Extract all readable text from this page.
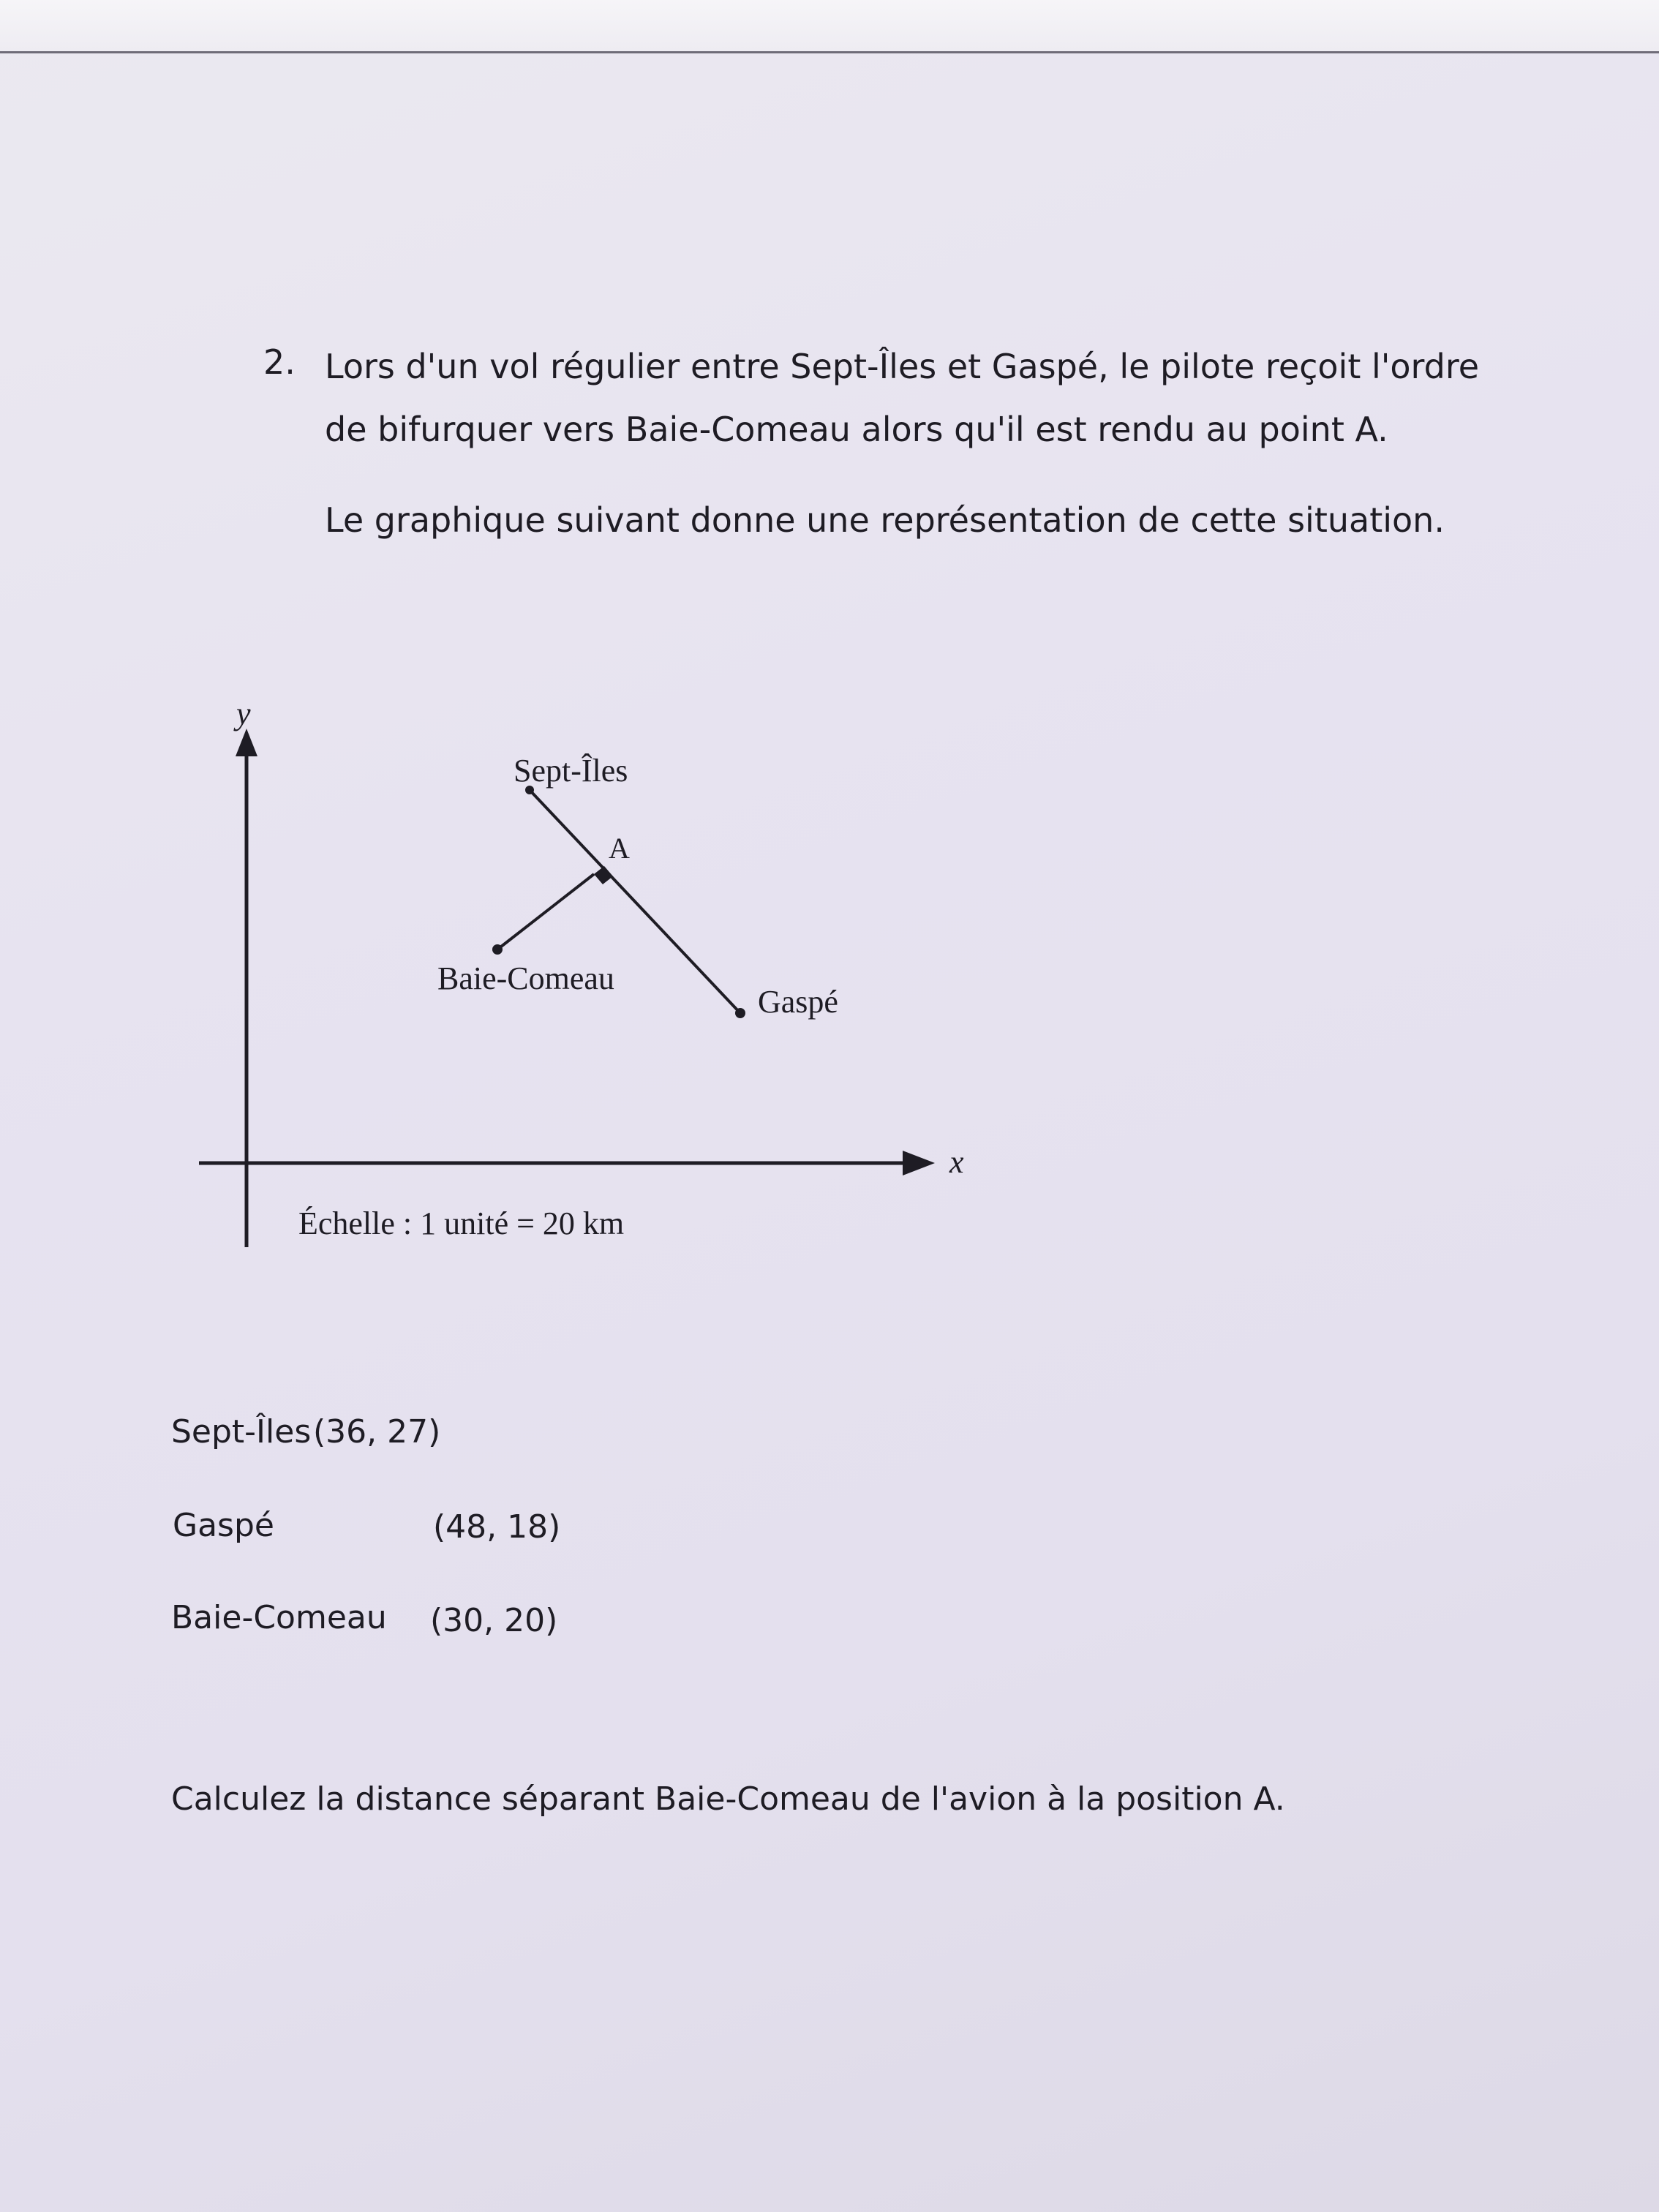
2. Lors d'un vol régulier entre Sept-Îles et Gaspé, le pilote reçoit l'ordre
de bifurquer vers Baie-Comeau alors qu'il est rendu au point A.
Le graphique suivant donne une représentation de cette situation.
y
x
Sept-Îles
A
Baie-Comeau
Gaspé
Échelle : 1 unité = 20 km
Sept-Îles (36, 27)
Gaspé	(48, 18)
Baie-Comeau (30, 20)
Calculez la distance séparant Baie-Comeau de l'avion à la position A.
